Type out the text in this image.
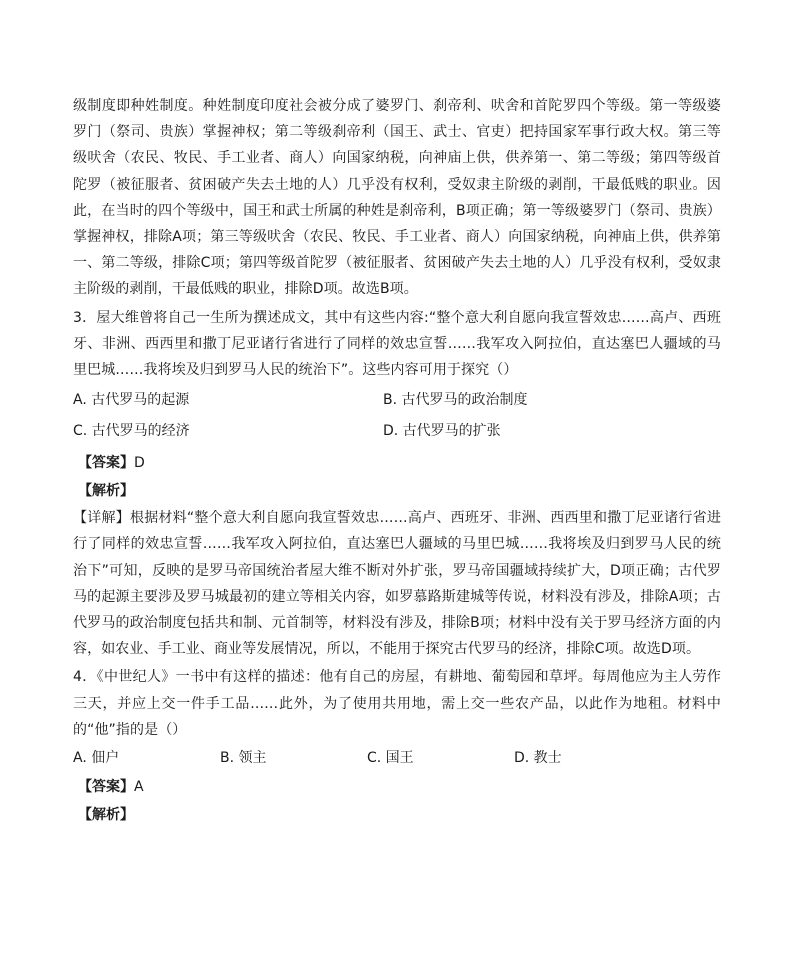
级制度即种姓制度。种姓制度印度社会被分成了婆罗门、刹帝利、吠舍和首陀罗四个等级。第一等级婆罗门（祭司、贵族）掌握神权；第二等级刹帝利（国王、武士、官吏）把持国家军事行政大权。第三等级吠舍（农民、牧民、手工业者、商人）向国家纳税，向神庙上供，供养第一、第二等级；第四等级首陀罗（被征服者、贫困破产失去土地的人）几乎没有权利，受奴隶主阶级的剥削，干最低贱的职业。因此，在当时的四个等级中，国王和武士所属的种姓是刹帝利，B项正确；第一等级婆罗门（祭司、贵族）掌握神权，排除A项；第三等级吠舍（农民、牧民、手工业者、商人）向国家纳税，向神庙上供，供养第一、第二等级，排除C项；第四等级首陀罗（被征服者、贫困破产失去土地的人）几乎没有权利，受奴隶主阶级的剥削，干最低贱的职业，排除D项。故选B项。

3．屋大维曾将自己一生所为撰述成文，其中有这些内容:“整个意大利自愿向我宣誓效忠……高卢、西班牙、非洲、西西里和撒丁尼亚诸行省进行了同样的效忠宣誓……我军攻入阿拉伯，直达塞巴人疆域的马里巴城……我将埃及归到罗马人民的统治下”。这些内容可用于探究（）

A. 古代罗马的起源	B. 古代罗马的政治制度
C. 古代罗马的经济	D. 古代罗马的扩张
【答案】D
【解析】

【详解】根据材料“整个意大利自愿向我宣誓效忠……高卢、西班牙、非洲、西西里和撒丁尼亚诸行省进行了同样的效忠宣誓……我军攻入阿拉伯，直达塞巴人疆域的马里巴城……我将埃及归到罗马人民的统治下”可知，反映的是罗马帝国统治者屋大维不断对外扩张，罗马帝国疆域持续扩大，D项正确；古代罗马的起源主要涉及罗马城最初的建立等相关内容，如罗慕路斯建城等传说，材料没有涉及，排除A项；古代罗马的政治制度包括共和制、元首制等，材料没有涉及，排除B项；材料中没有关于罗马经济方面的内容，如农业、手工业、商业等发展情况，所以，不能用于探究古代罗马的经济，排除C项。故选D项。

4．《中世纪人》一书中有这样的描述：他有自己的房屋，有耕地、葡萄园和草坪。每周他应为主人劳作三天，并应上交一件手工品……此外，为了使用共用地，需上交一些农产品，以此作为地租。材料中的“他”指的是（）

A. 佃户	B. 领主	C. 国王	D. 教士
【答案】A
【解析】
